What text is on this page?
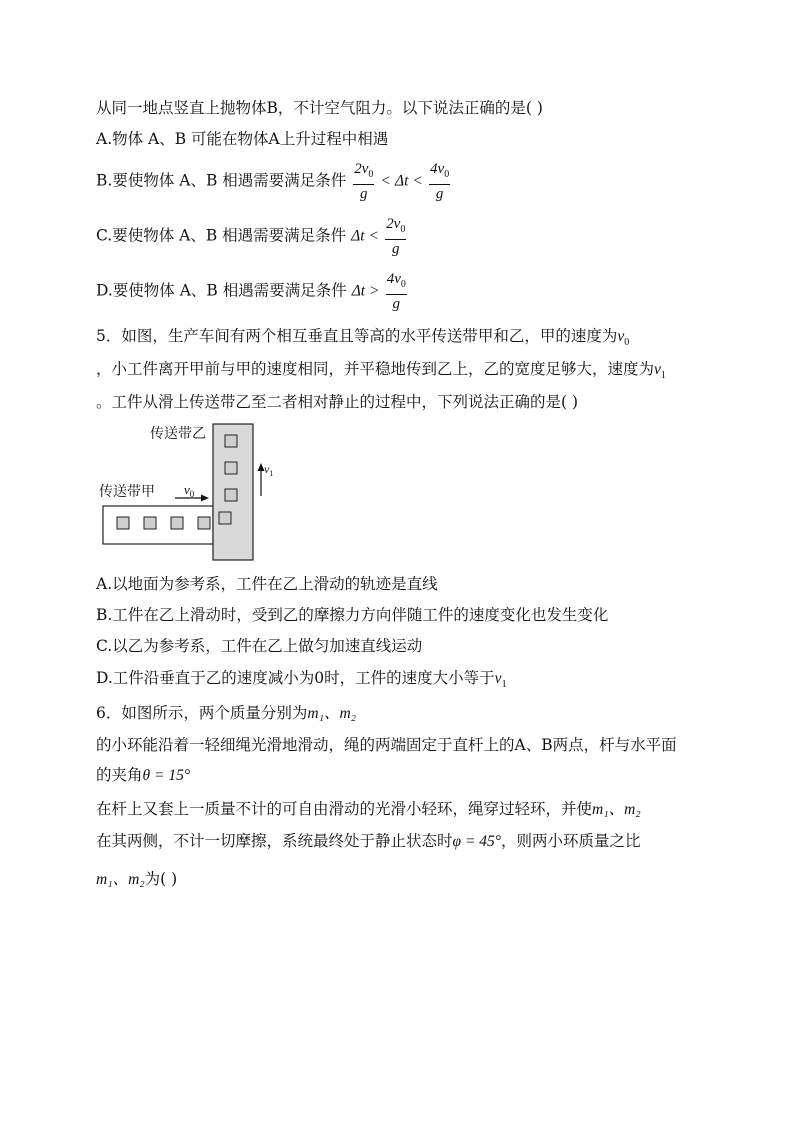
从同一地点竖直上抛物体B，不计空气阻力。以下说法正确的是( )
A.物体 A、B 可能在物体A上升过程中相遇
B.要使物体 A、B 相遇需要满足条件 $\frac{2v_0}{g} < \Delta t < \frac{4v_0}{g}$
C.要使物体 A、B 相遇需要满足条件 $\Delta t < \frac{2v_0}{g}$
D.要使物体 A、B 相遇需要满足条件 $\Delta t > \frac{4v_0}{g}$
5．如图，生产车间有两个相互垂直且等高的水平传送带甲和乙，甲的速度为$v_0$
，小工件离开甲前与甲的速度相同，并平稳地传到乙上，乙的宽度足够大，速度为$v_1$
。工件从滑上传送带乙至二者相对静止的过程中，下列说法正确的是( )
传送带乙
传送带甲 $v_0$
$v_1$
A.以地面为参考系，工件在乙上滑动的轨迹是直线
B.工件在乙上滑动时，受到乙的摩擦力方向伴随工件的速度变化也发生变化
C.以乙为参考系，工件在乙上做匀加速直线运动
D.工件沿垂直于乙的速度减小为0时，工件的速度大小等于$v_1$
6．如图所示，两个质量分别为m₁、m₂
的小环能沿着一轻细绳光滑地滑动，绳的两端固定于直杆上的A、B两点，杆与水平面
的夹角θ = 15°
在杆上又套上一质量不计的可自由滑动的光滑小轻环，绳穿过轻环，并使m₁、m₂
在其两侧，不计一切摩擦，系统最终处于静止状态时φ = 45°，则两小环质量之比
m₁、m₂为( )
